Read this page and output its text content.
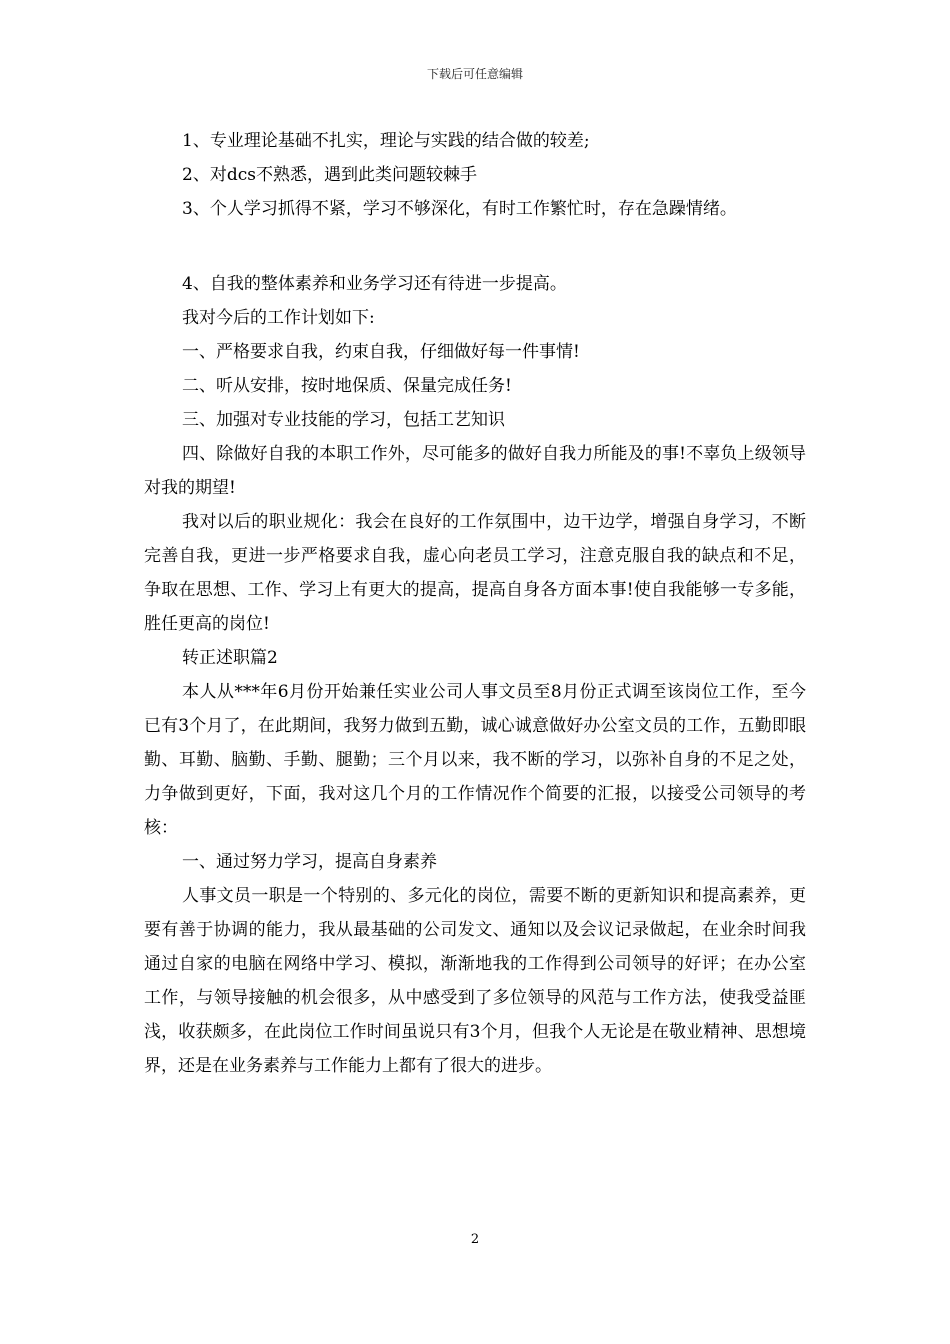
下载后可任意编辑

1、专业理论基础不扎实，理论与实践的结合做的较差;

2、对dcs不熟悉，遇到此类问题较棘手

3、个人学习抓得不紧，学习不够深化，有时工作繁忙时，存在急躁情绪。

4、自我的整体素养和业务学习还有待进一步提高。

我对今后的工作计划如下:

一、严格要求自我，约束自我，仔细做好每一件事情!

二、听从安排，按时地保质、保量完成任务!

三、加强对专业技能的学习，包括工艺知识

四、除做好自我的本职工作外，尽可能多的做好自我力所能及的事!不辜负上级领导对我的期望!

我对以后的职业规化：我会在良好的工作氛围中，边干边学，增强自身学习，不断完善自我，更进一步严格要求自我，虚心向老员工学习，注意克服自我的缺点和不足，争取在思想、工作、学习上有更大的提高，提高自身各方面本事!使自我能够一专多能，胜任更高的岗位!

转正述职篇2

本人从***年6月份开始兼任实业公司人事文员至8月份正式调至该岗位工作，至今已有3个月了，在此期间，我努力做到五勤，诚心诚意做好办公室文员的工作，五勤即眼勤、耳勤、脑勤、手勤、腿勤；三个月以来，我不断的学习，以弥补自身的不足之处，力争做到更好，下面，我对这几个月的工作情况作个简要的汇报，以接受公司领导的考核：

一、通过努力学习，提高自身素养

人事文员一职是一个特别的、多元化的岗位，需要不断的更新知识和提高素养，更要有善于协调的能力，我从最基础的公司发文、通知以及会议记录做起，在业余时间我通过自家的电脑在网络中学习、模拟，渐渐地我的工作得到公司领导的好评；在办公室工作，与领导接触的机会很多，从中感受到了多位领导的风范与工作方法，使我受益匪浅，收获颇多，在此岗位工作时间虽说只有3个月，但我个人无论是在敬业精神、思想境界，还是在业务素养与工作能力上都有了很大的进步。

2
